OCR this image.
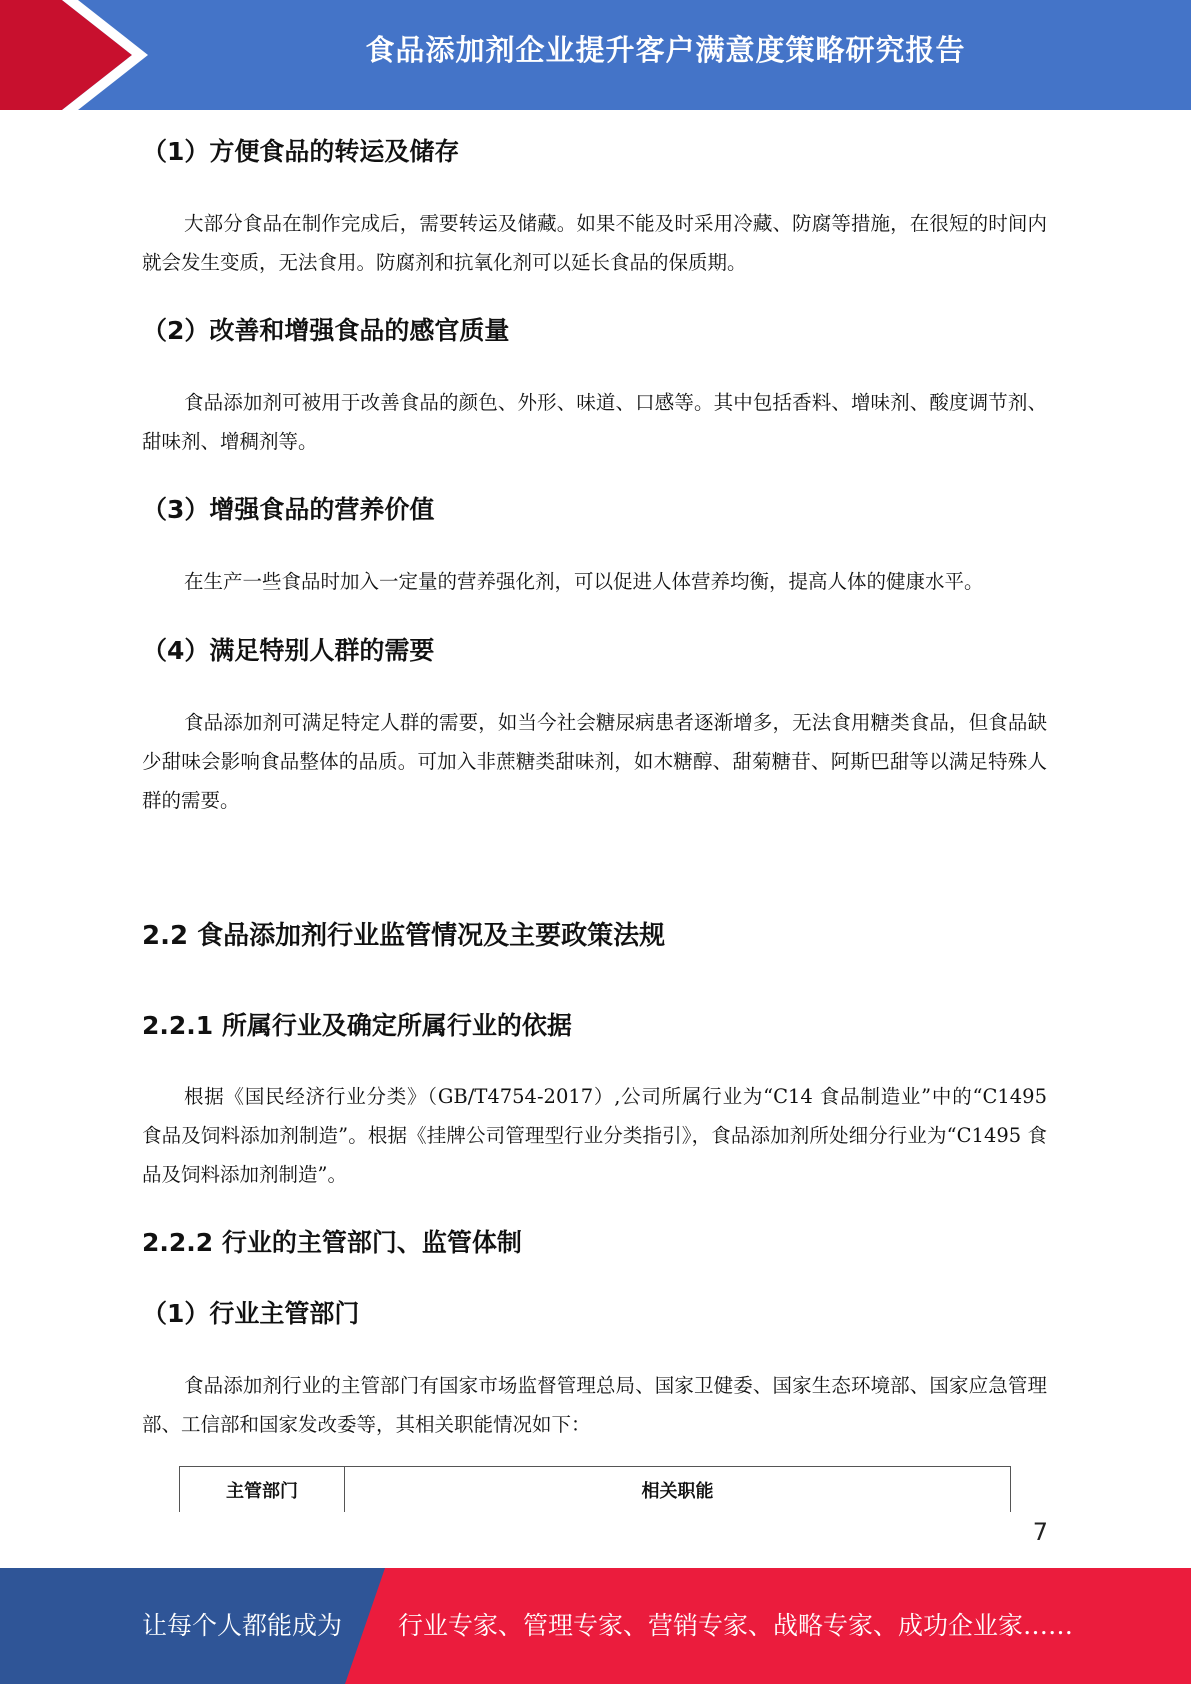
食品添加剂企业提升客户满意度策略研究报告
（1）方便食品的转运及储存

大部分食品在制作完成后，需要转运及储藏。如果不能及时采用冷藏、防腐等措施，在很短的时间内就会发生变质，无法食用。防腐剂和抗氧化剂可以延长食品的保质期。

（2）改善和增强食品的感官质量

食品添加剂可被用于改善食品的颜色、外形、味道、口感等。其中包括香料、增味剂、酸度调节剂、甜味剂、增稠剂等。

（3）增强食品的营养价值

在生产一些食品时加入一定量的营养强化剂，可以促进人体营养均衡，提高人体的健康水平。

（4）满足特别人群的需要

食品添加剂可满足特定人群的需要，如当今社会糖尿病患者逐渐增多，无法食用糖类食品，但食品缺少甜味会影响食品整体的品质。可加入非蔗糖类甜味剂，如木糖醇、甜菊糖苷、阿斯巴甜等以满足特殊人群的需要。

2.2 食品添加剂行业监管情况及主要政策法规
2.2.1 所属行业及确定所属行业的依据

根据《国民经济行业分类》（GB/T4754-2017）,公司所属行业为“C14 食品制造业”中的“C1495 食品及饲料添加剂制造”。根据《挂牌公司管理型行业分类指引》，食品添加剂所处细分行业为“C1495 食品及饲料添加剂制造”。

2.2.2 行业的主管部门、监管体制
（1）行业主管部门

食品添加剂行业的主管部门有国家市场监督管理总局、国家卫健委、国家生态环境部、国家应急管理部、工信部和国家发改委等，其相关职能情况如下：

主管部门	相关职能
7
让每个人都能成为 行业专家、管理专家、营销专家、战略专家、成功企业家……
